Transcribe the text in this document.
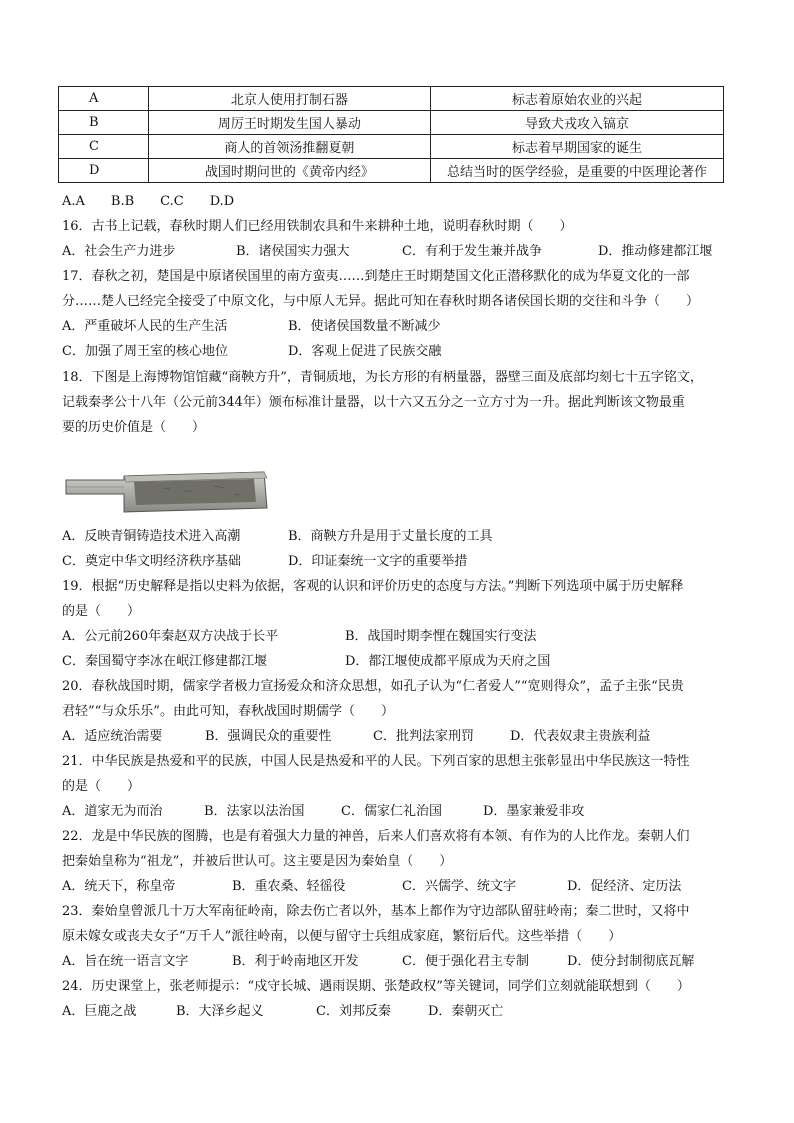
A	北京人使用打制石器	标志着原始农业的兴起
B	周厉王时期发生国人暴动	导致犬戎攻入镐京
C	商人的首领汤推翻夏朝	标志着早期国家的诞生
D	战国时期问世的《黄帝内经》	总结当时的医学经验，是重要的中医理论著作
A.A　　B.B　　C.C　　D.D
16．古书上记载，春秋时期人们已经用铁制农具和牛来耕种土地，说明春秋时期（　　）
A．社会生产力进步	B．诸侯国实力强大	C．有利于发生兼并战争	D．推动修建都江堰
17．春秋之初，楚国是中原诸侯国里的南方蛮夷……到楚庄王时期楚国文化正潜移默化的成为华夏文化的一部
分……楚人已经完全接受了中原文化，与中原人无异。据此可知在春秋时期各诸侯国长期的交往和斗争（　　）
A．严重破坏人民的生产生活	B．使诸侯国数量不断减少
C．加强了周王室的核心地位	D．客观上促进了民族交融
18．下图是上海博物馆馆藏“商鞅方升”，青铜质地，为长方形的有柄量器，器壁三面及底部均刻七十五字铭文，
记载秦孝公十八年（公元前344年）颁布标准计量器，以十六又五分之一立方寸为一升。据此判断该文物最重
要的历史价值是（　　）
A．反映青铜铸造技术进入高潮	B．商鞅方升是用于丈量长度的工具
C．奠定中华文明经济秩序基础	D．印证秦统一文字的重要举措
19．根据“历史解释是指以史料为依据，客观的认识和评价历史的态度与方法。”判断下列选项中属于历史解释
的是（　　）
A．公元前260年秦赵双方决战于长平	B．战国时期李悝在魏国实行变法
C．秦国蜀守李冰在岷江修建都江堰	D．都江堰使成都平原成为天府之国
20．春秋战国时期，儒家学者极力宣扬爱众和济众思想，如孔子认为“仁者爱人”“宽则得众”，孟子主张“民贵
君轻”“与众乐乐”。由此可知，春秋战国时期儒学（　　）
A．适应统治需要	B．强调民众的重要性	C．批判法家刑罚	D．代表奴隶主贵族利益
21．中华民族是热爱和平的民族，中国人民是热爱和平的人民。下列百家的思想主张彰显出中华民族这一特性
的是（　　）
A．道家无为而治	B．法家以法治国	C．儒家仁礼治国	D．墨家兼爱非攻
22．龙是中华民族的图腾，也是有着强大力量的神兽，后来人们喜欢将有本领、有作为的人比作龙。秦朝人们
把秦始皇称为“祖龙”，并被后世认可。这主要是因为秦始皇（　　）
A．统天下，称皇帝	B．重农桑、轻徭役	C．兴儒学、统文字	D．促经济、定历法
23．秦始皇曾派几十万大军南征岭南，除去伤亡者以外，基本上都作为守边部队留驻岭南；秦二世时，又将中
原未嫁女或丧夫女子“万千人”派往岭南，以便与留守士兵组成家庭，繁衍后代。这些举措（　　）
A．旨在统一语言文字	B．利于岭南地区开发	C．便于强化君主专制	D．使分封制彻底瓦解
24．历史课堂上，张老师提示：“戍守长城、遇雨误期、张楚政权”等关键词，同学们立刻就能联想到（　　）
A．巨鹿之战	B．大泽乡起义	C．刘邦反秦	D．秦朝灭亡
